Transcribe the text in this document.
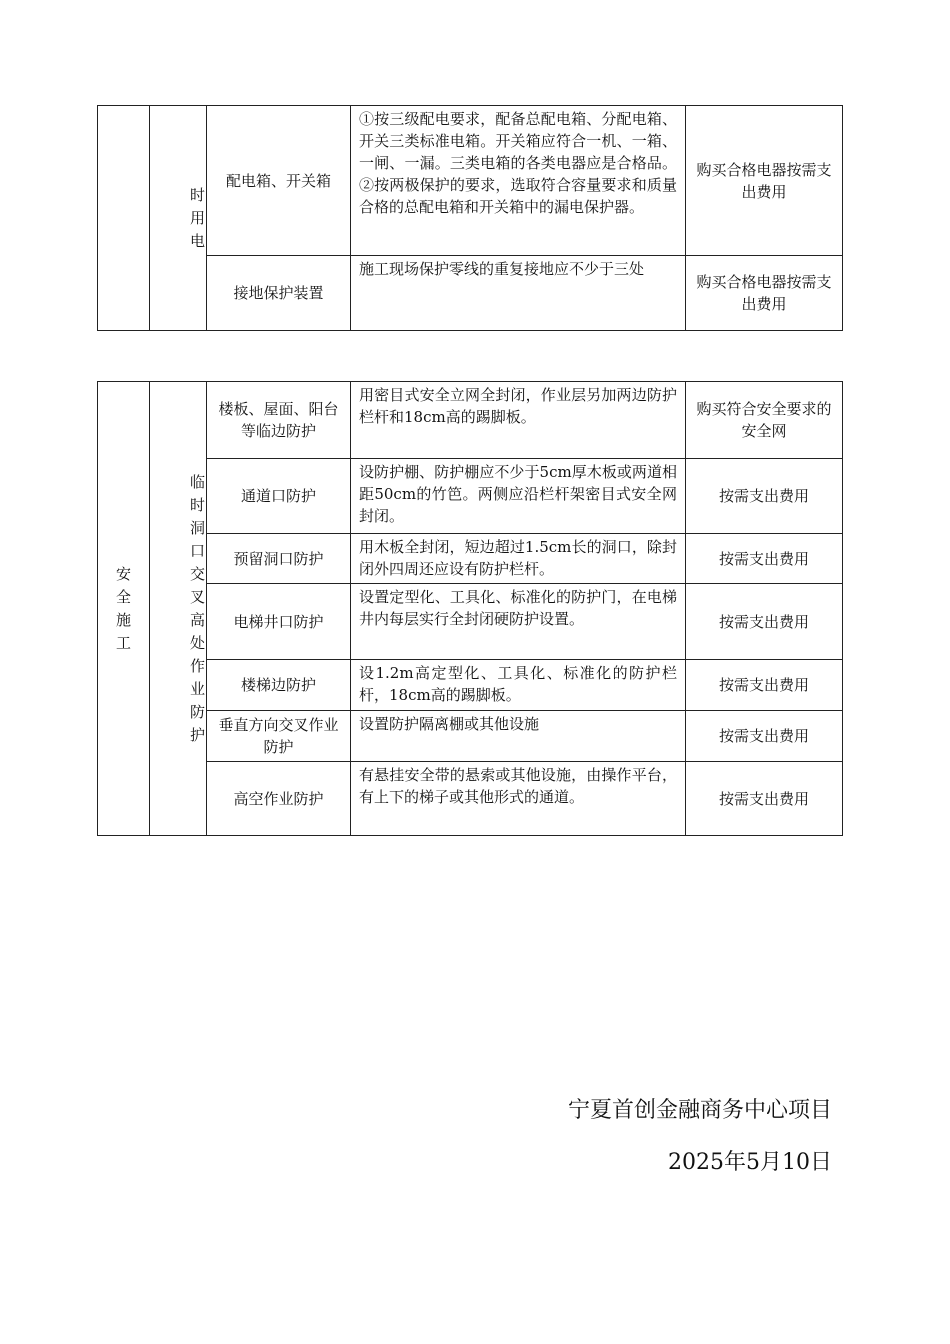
	时用电	配电箱、开关箱	①按三级配电要求，配备总配电箱、分配电箱、开关三类标准电箱。开关箱应符合一机、一箱、一闸、一漏。三类电箱的各类电器应是合格品。②按两极保护的要求，选取符合容量要求和质量合格的总配电箱和开关箱中的漏电保护器。	购买合格电器按需支出费用
		接地保护装置	施工现场保护零线的重复接地应不少于三处	购买合格电器按需支出费用
安全施工	临时洞口交叉高处作业防护	楼板、屋面、阳台等临边防护	用密目式安全立网全封闭，作业层另加两边防护栏杆和18cm高的踢脚板。	购买符合安全要求的安全网
		通道口防护	设防护棚、防护棚应不少于5cm厚木板或两道相距50cm的竹笆。两侧应沿栏杆架密目式安全网封闭。	按需支出费用
		预留洞口防护	用木板全封闭，短边超过1.5cm长的洞口，除封闭外四周还应设有防护栏杆。	按需支出费用
		电梯井口防护	设置定型化、工具化、标准化的防护门，在电梯井内每层实行全封闭硬防护设置。	按需支出费用
		楼梯边防护	设1.2m高定型化、工具化、标准化的防护栏杆，18cm高的踢脚板。	按需支出费用
		垂直方向交叉作业防护	设置防护隔离棚或其他设施	按需支出费用
		高空作业防护	有悬挂安全带的悬索或其他设施，由操作平台，有上下的梯子或其他形式的通道。	按需支出费用
宁夏首创金融商务中心项目
2025年5月10日
